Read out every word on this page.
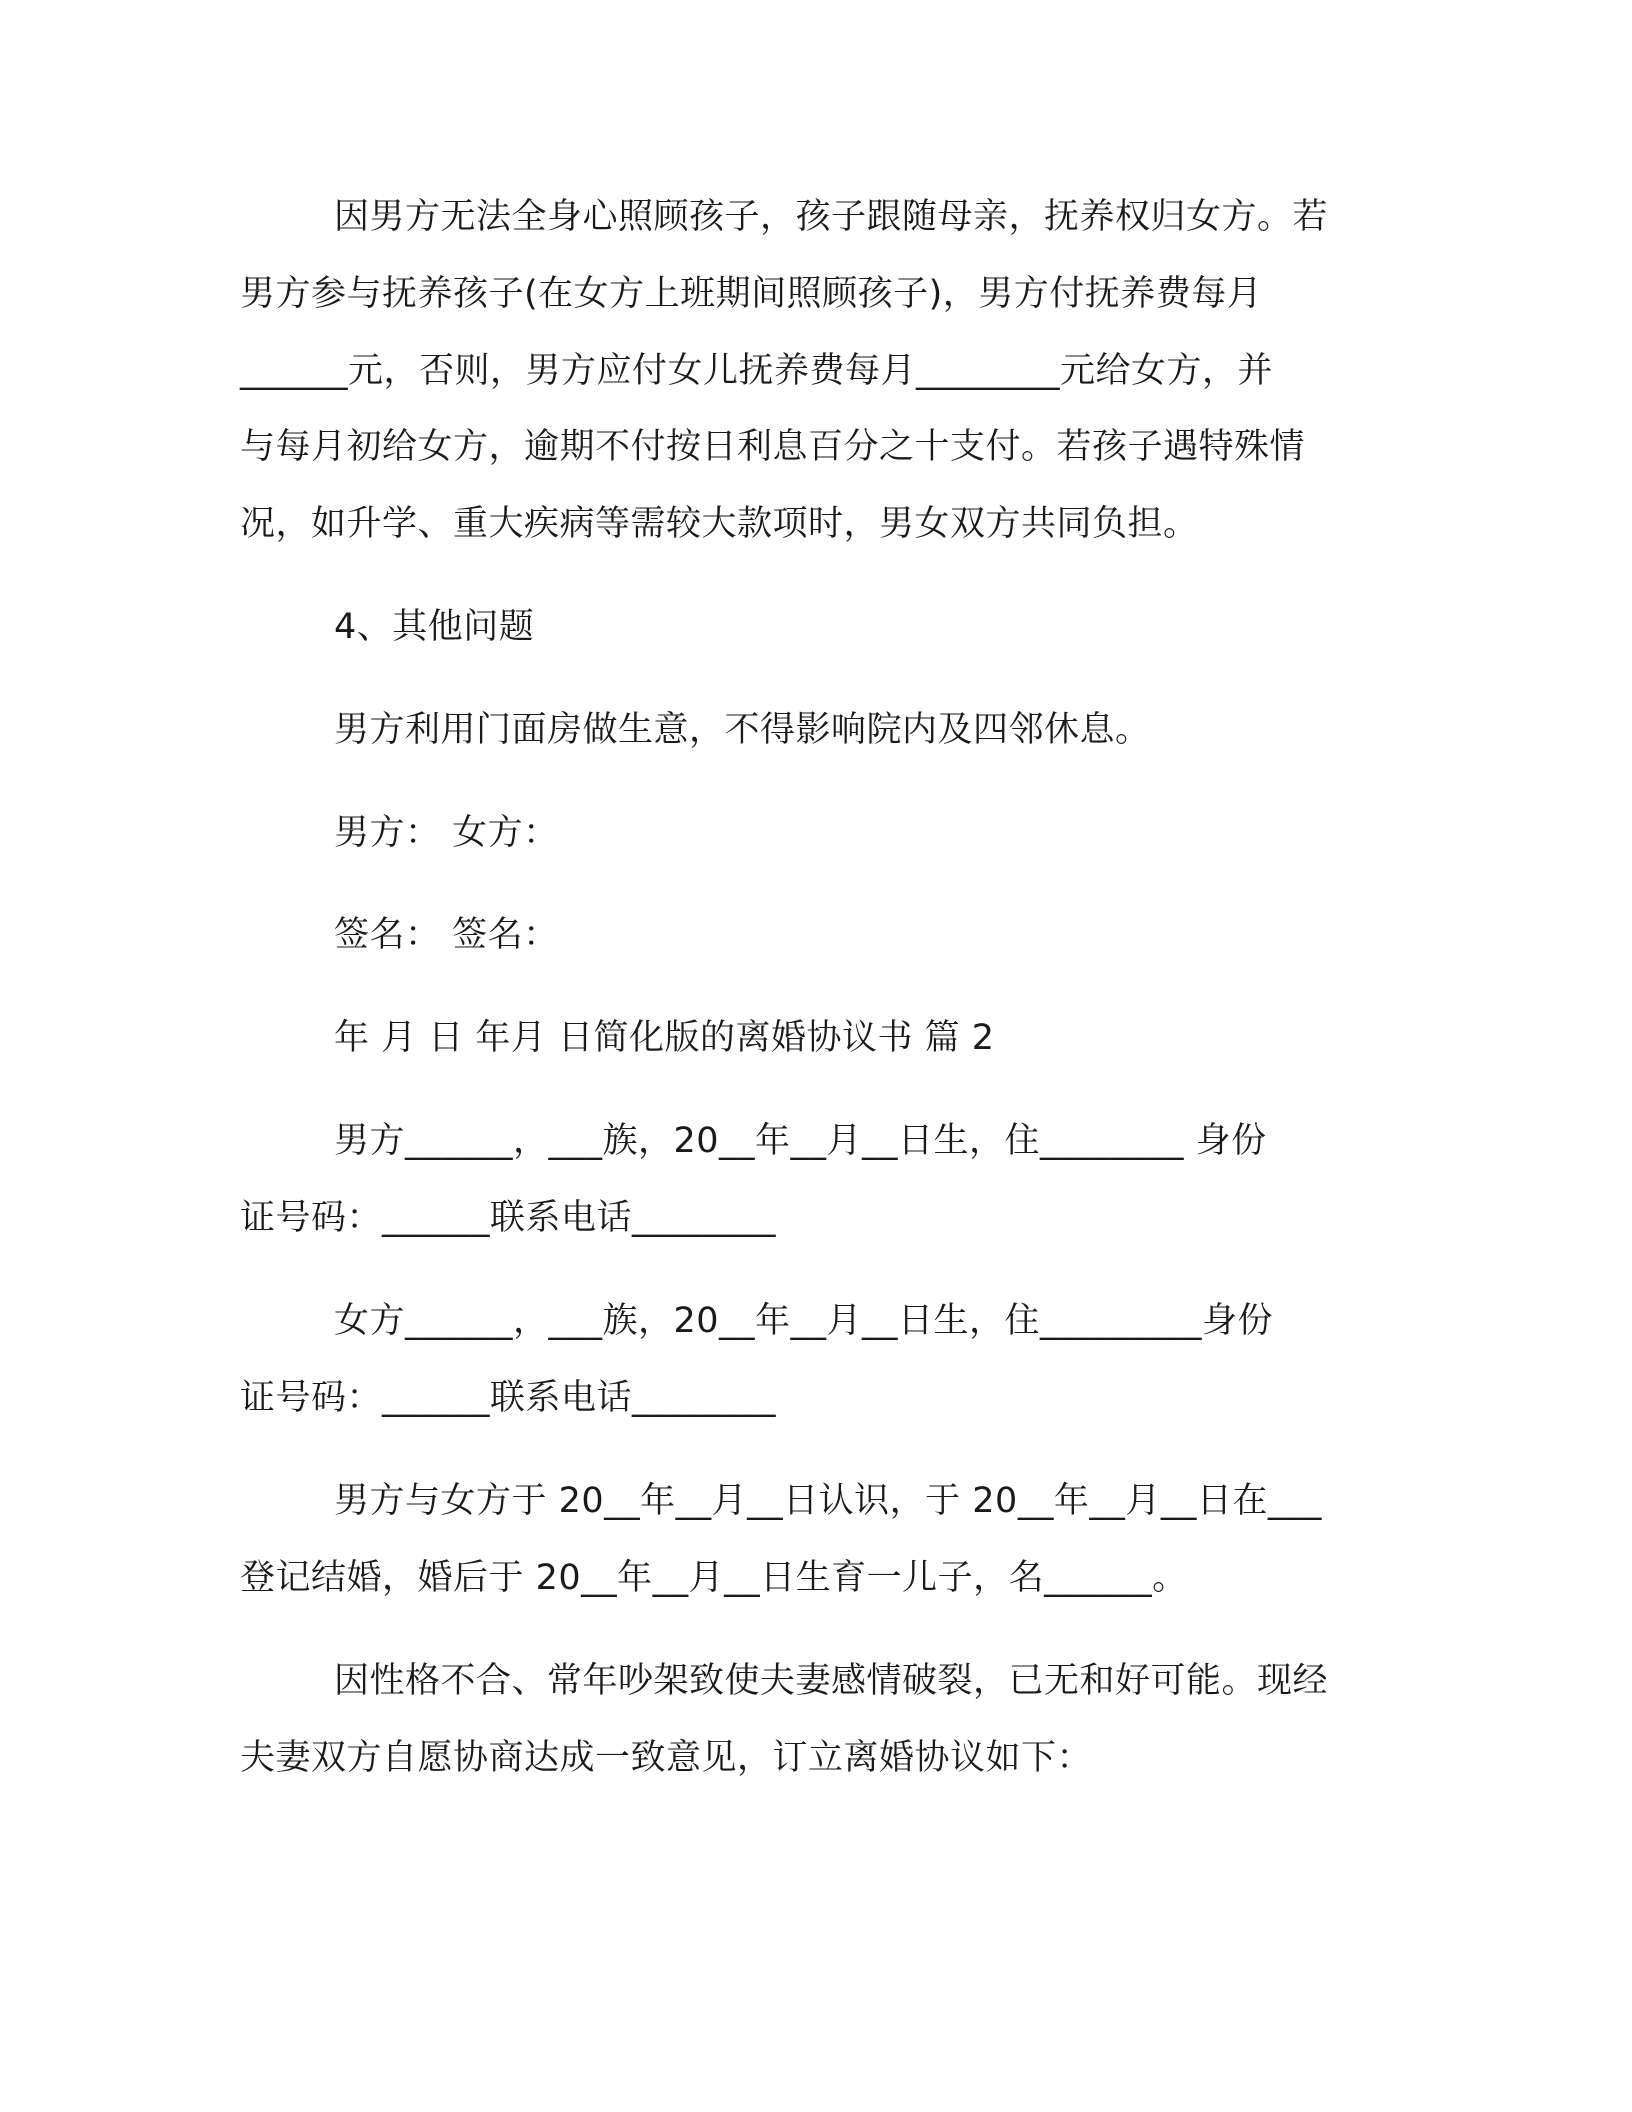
因男方无法全身心照顾孩子，孩子跟随母亲，抚养权归女方。若
男方参与抚养孩子(在女方上班期间照顾孩子)，男方付抚养费每月
______元，否则，男方应付女儿抚养费每月________元给女方，并
与每月初给女方，逾期不付按日利息百分之十支付。若孩子遇特殊情
况，如升学、重大疾病等需较大款项时，男女双方共同负担。
4、其他问题
男方利用门面房做生意，不得影响院内及四邻休息。
男方： 女方：
签名： 签名：
年 月 日 年月 日简化版的离婚协议书 篇 2
男方______，___族，20__年__月__日生，住________ 身份
证号码：______联系电话________
女方______，___族，20__年__月__日生，住_________身份
证号码：______联系电话________
男方与女方于 20__年__月__日认识，于 20__年__月__日在___
登记结婚，婚后于 20__年__月__日生育一儿子，名______。
因性格不合、常年吵架致使夫妻感情破裂，已无和好可能。现经
夫妻双方自愿协商达成一致意见，订立离婚协议如下：
